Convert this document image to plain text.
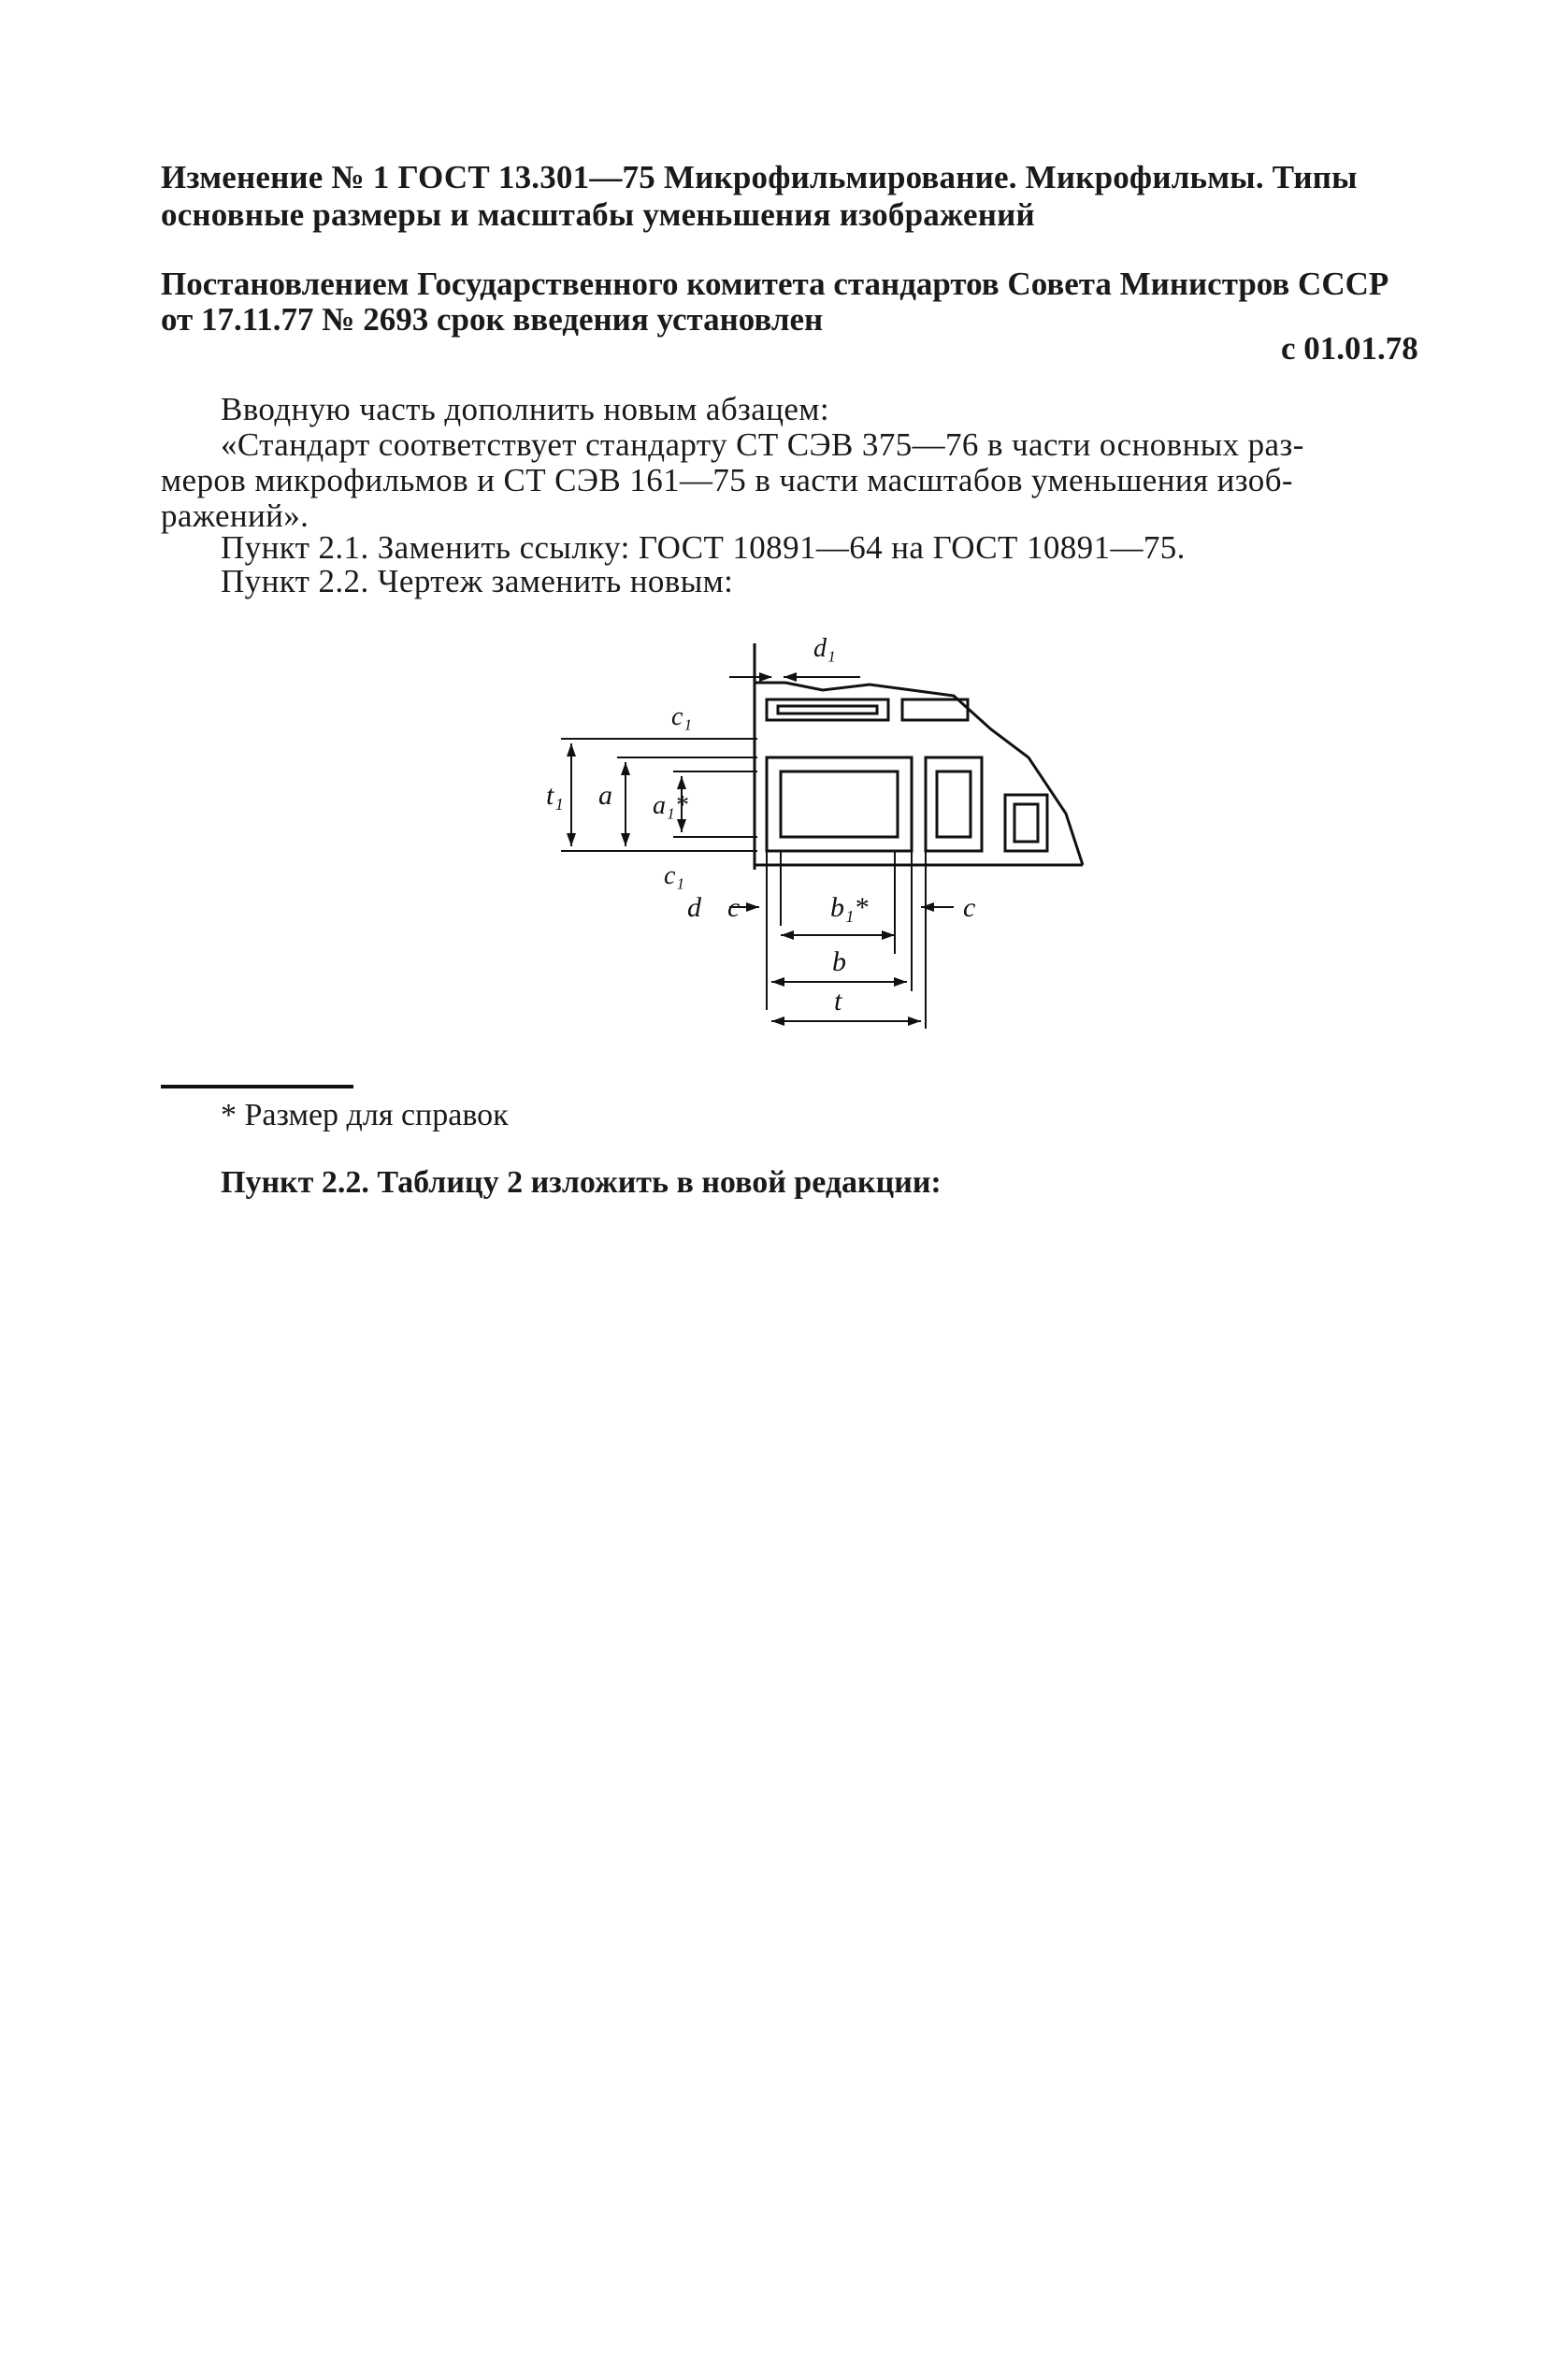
Изменение № 1 ГОСТ 13.301—75 Микрофильмирование. Микрофильмы. Типы
основные размеры и масштабы уменьшения изображений
Постановлением Государственного комитета стандартов Совета Министров СССР
от 17.11.77 № 2693 срок введения установлен
с 01.01.78
Вводную часть дополнить новым абзацем:
«Стандарт соответствует стандарту СТ СЭВ 375—76 в части основных раз-
меров микрофильмов и СТ СЭВ 161—75 в части масштабов уменьшения изоб-
ражений».
Пункт 2.1. Заменить ссылку: ГОСТ 10891—64 на ГОСТ 10891—75.
Пункт 2.2. Чертеж заменить новым:
d₁
c₁
t₁ a a₁*
c₁
d c	b₁*	c
b
t
* Размер для справок
Пункт 2.2. Таблицу 2 изложить в новой редакции:
